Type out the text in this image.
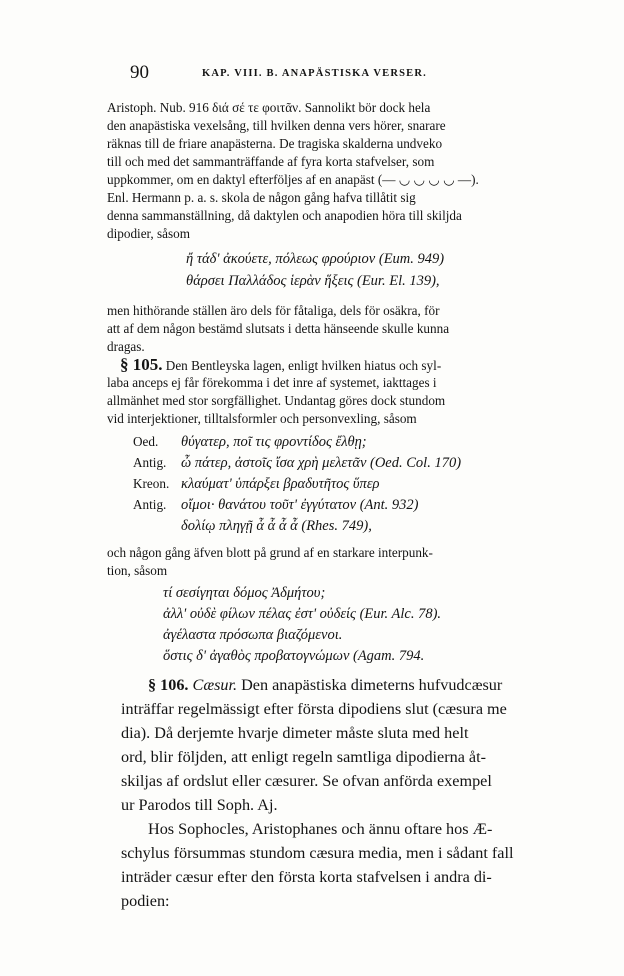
90	KAP. VIII. B. ANAPÄSTISKA VERSER.
Aristoph. Nub. 916 διά σέ τε φοιτᾶν. Sannolikt bör dock hela
den anapästiska vexelsång, till hvilken denna vers hörer, snarare
räknas till de friare anapästerna. De tragiska skalderna undveko
till och med det sammanträffande af fyra korta stafvelser, som
uppkommer, om en daktyl efterföljes af en anapäst (— ◡ ◡ ◡ ◡ —).
Enl. Hermann p. a. s. skola de någon gång hafva tillåtit sig
denna sammanställning, då daktylen och anapodien höra till skiljda
dipodier, såsom
ἤ τάδ' ἀκούετε, πόλεως φρούριον (Eum. 949)
θάρσει Παλλάδος ἱερὰν ἥξεις (Eur. El. 139),
men hithörande ställen äro dels för fåtaliga, dels för osäkra, för
att af dem någon bestämd slutsats i detta hänseende skulle kunna
dragas.
§ 105. Den Bentleyska lagen, enligt hvilken hiatus och syl-
laba anceps ej får förekomma i det inre af systemet, iakttages i
allmänhet med stor sorgfällighet. Undantag göres dock stundom
vid interjektioner, tilltalsformler och personvexling, såsom
Oed. θύγατερ, ποῖ τις φροντίδος ἔλθῃ;
Antig. ὦ πάτερ, ἀστοῖς ἴσα χρὴ μελετᾶν (Oed. Col. 170)
Kreon. κλαύματ' ὑπάρξει βραδυτῆτος ὕπερ
Antig. οἴμοι· θανάτου τοῦτ' ἐγγύτατον (Ant. 932)
δολίῳ πληγῇ ἆ ἆ ἆ ἆ (Rhes. 749),
och någon gång äfven blott på grund af en starkare interpunk-
tion, såsom
τί σεσίγηται δόμος Ἀδμήτου;
ἀλλ' οὐδὲ φίλων πέλας ἐστ' οὐδείς (Eur. Alc. 78).
ἀγέλαστα πρόσωπα βιαζόμενοι.
ὅστις δ' ἀγαθὸς προβατογνώμων (Agam. 794.
§ 106. Cæsur. Den anapästiska dimeterns hufvudcæsur
inträffar regelmässigt efter första dipodiens slut (cæsura me
dia). Då derjemte hvarje dimeter måste sluta med helt
ord, blir följden, att enligt regeln samtliga dipodierna åt-
skiljas af ordslut eller cæsurer. Se ofvan anförda exempel
ur Parodos till Soph. Aj.
Hos Sophocles, Aristophanes och ännu oftare hos Æ-
schylus försummas stundom cæsura media, men i sådant fall
inträder cæsur efter den första korta stafvelsen i andra di-
podien:
